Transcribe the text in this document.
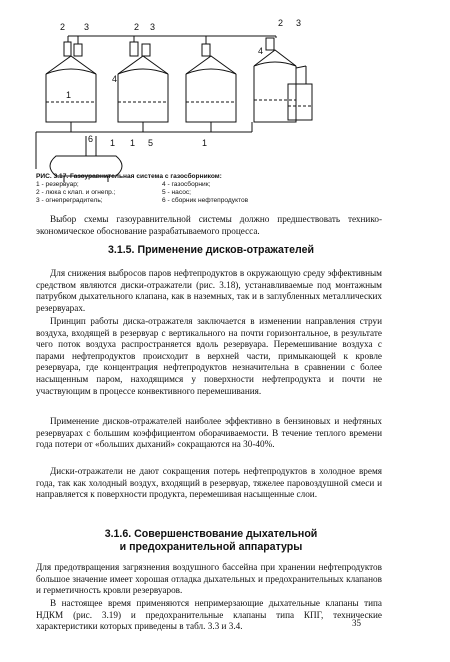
2 3
1
4
2 3
4
2 3
1 1 5
6	1
РИС. 3.17. Газоуравнительная система с газосборником:
1 - резервуар;	4 - газосборник;
2 - люка с клап. и огнепр.;	5 - насос;
3 - огнепреградитель;	6 - сборник нефтепродуктов

Выбор схемы газоуравнительной системы должно предшествовать технико-экономическое обоснование разрабатываемого процесса.

3.1.5. Применение дисков-отражателей

Для снижения выбросов паров нефтепродуктов в окружающую среду эффективным средством являются диски-отражатели (рис. 3.18), устанавливаемые под монтажным патрубком дыхательного клапана, как в наземных, так и в заглубленных металлических резервуарах.

Принцип работы диска-отражателя заключается в изменении направления струи воздуха, входящей в резервуар с вертикального на почти горизонтальное, в результате чего поток воздуха распространяется вдоль резервуара. Перемешивание воздуха с парами нефтепродуктов происходит в верхней части, примыкающей к кровле резервуара, где концентрация нефтепродуктов незначительна в сравнении с более насыщенным паром, находящимся у поверхности нефтепродукта и почти не участвующим в процессе конвективного перемешивания.

Применение дисков-отражателей наиболее эффективно в бензиновых и нефтяных резервуарах с большим коэффициентом оборачиваемости. В течение теплого времени года потери от «больших дыханий» сокращаются на 30-40%.

Диски-отражатели не дают сокращения потерь нефтепродуктов в холодное время года, так как холодный воздух, входящий в резервуар, тяжелее паровоздушной смеси и направляется к поверхности продукта, перемешивая насыщенные слои.

3.1.6. Совершенствование дыхательной
и предохранительной аппаратуры

Для предотвращения загрязнения воздушного бассейна при хранении нефтепродуктов большое значение имеет хорошая отладка дыхательных и предохранительных клапанов и герметичность кровли резервуаров.

В настоящее время применяются непримерзающие дыхательные клапаны типа НДКМ (рис. 3.19) и предохранительные клапаны типа КПГ, технические характеристики которых приведены в табл. 3.3 и 3.4.	35
